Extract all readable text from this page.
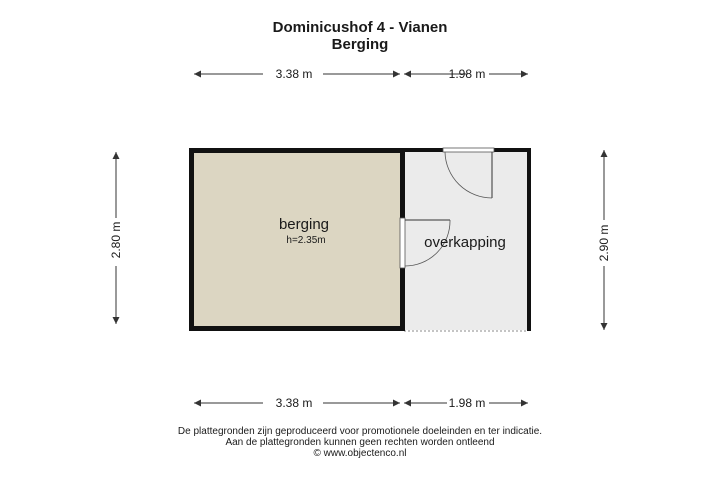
Dominicushof 4 - Vianen
Berging
3.38 m	1.98 m
3.38 m	1.98 m
2.80 m	2.90 m
berging
h=2.35m	overkapping
De plattegronden zijn geproduceerd voor promotionele doeleinden en ter indicatie.
Aan de plattegronden kunnen geen rechten worden ontleend
© www.objectenco.nl
